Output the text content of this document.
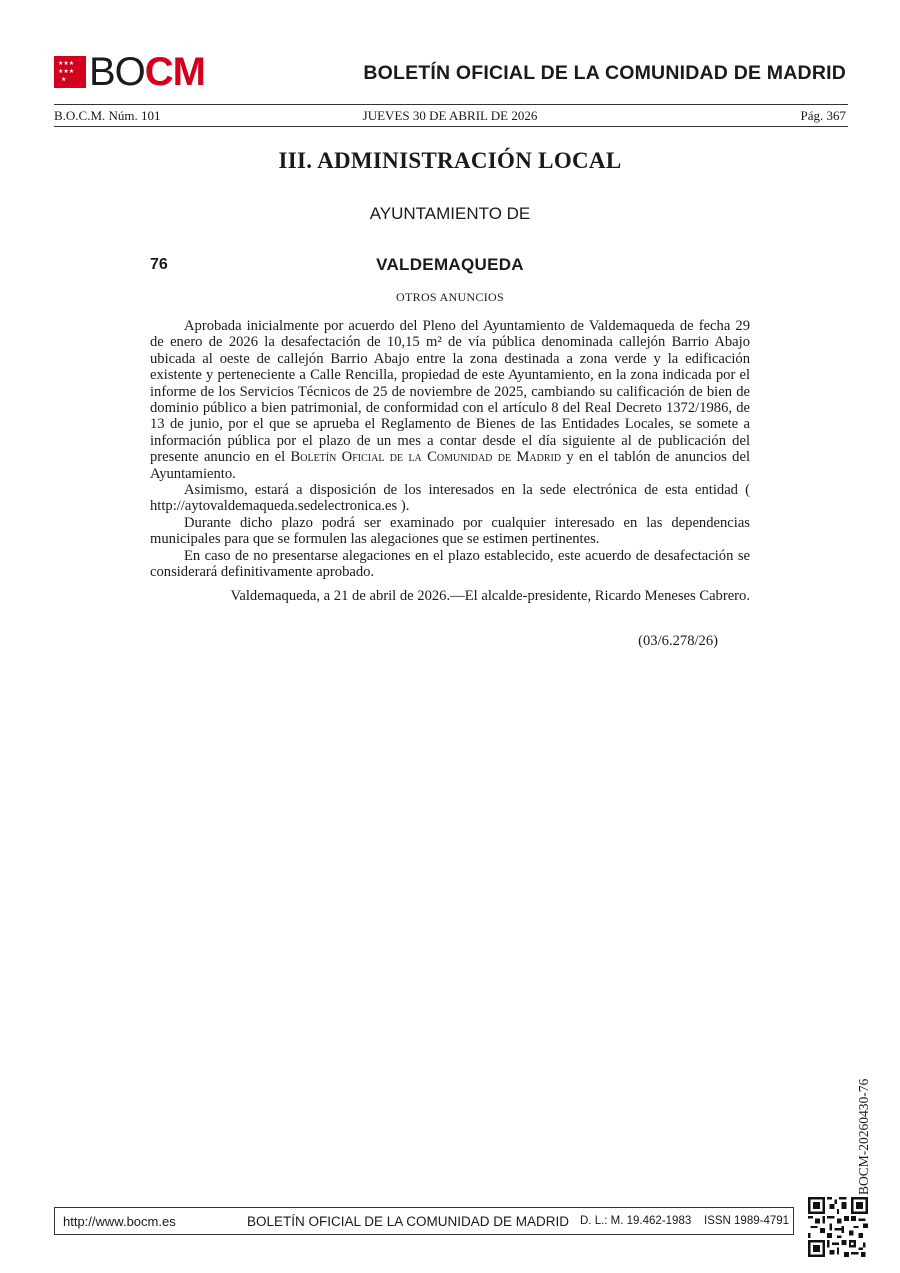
★★★
★★★
★ BOCM	BOLETÍN OFICIAL DE LA COMUNIDAD DE MADRID
B.O.C.M. Núm. 101	JUEVES 30 DE ABRIL DE 2026	Pág. 367
III. ADMINISTRACIÓN LOCAL
AYUNTAMIENTO DE
76	VALDEMAQUEDA
OTROS ANUNCIOS

Aprobada inicialmente por acuerdo del Pleno del Ayuntamiento de Valdemaqueda de fecha 29 de enero de 2026 la desafectación de 10,15 m² de vía pública denominada callejón Barrio Abajo ubicada al oeste de callejón Barrio Abajo entre la zona destinada a zona verde y la edificación existente y perteneciente a Calle Rencilla, propiedad de este Ayuntamiento, en la zona indicada por el informe de los Servicios Técnicos de 25 de noviembre de 2025, cambiando su calificación de bien de dominio público a bien patrimonial, de conformidad con el artículo 8 del Real Decreto 1372/1986, de 13 de junio, por el que se aprueba el Reglamento de Bienes de las Entidades Locales, se somete a información pública por el plazo de un mes a contar desde el día siguiente al de publicación del presente anuncio en el Boletín Oficial de la Comunidad de Madrid y en el tablón de anuncios del Ayuntamiento.

Asimismo, estará a disposición de los interesados en la sede electrónica de esta entidad ( http://aytovaldemaqueda.sedelectronica.es ).

Durante dicho plazo podrá ser examinado por cualquier interesado en las dependencias municipales para que se formulen las alegaciones que se estimen pertinentes.

En caso de no presentarse alegaciones en el plazo establecido, este acuerdo de desafectación se considerará definitivamente aprobado.

Valdemaqueda, a 21 de abril de 2026.—El alcalde-presidente, Ricardo Meneses Cabrero.

(03/6.278/26)
BOCM-20260430-76
http://www.bocm.es	BOLETÍN OFICIAL DE LA COMUNIDAD DE MADRID D. L.: M. 19.462-1983 ISSN 1989-4791
